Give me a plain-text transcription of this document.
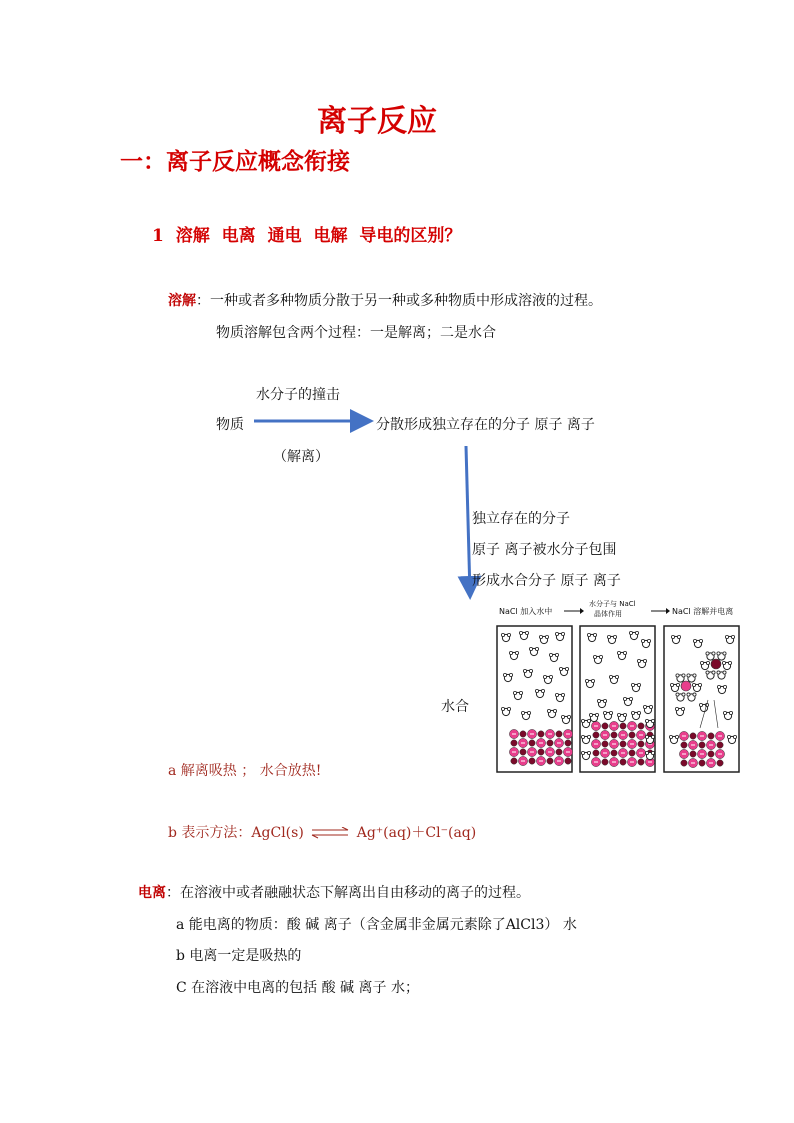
离子反应
一：离子反应概念衔接
1 溶解 电离 通电 电解 导电的区别？
溶解：一种或者多种物质分散于另一种或多种物质中形成溶液的过程。
物质溶解包含两个过程：一是解离；二是水合
水分子的撞击
物质	分散形成独立存在的分子 原子 离子
（解离）
独立存在的分子
原子 离子被水分子包围
形成水合分子 原子 离子
水合
NaCl 加入水中
水分子与 NaCl
晶体作用	NaCl 溶解并电离
a 解离吸热 ； 水合放热!
b 表示方法：AgCl(s) ⇌ Ag⁺(aq)＋Cl⁻(aq)
电离：在溶液中或者融融状态下解离出自由移动的离子的过程。
a 能电离的物质：酸 碱 离子（含金属非金属元素除了AlCl3） 水
b 电离一定是吸热的
C 在溶液中电离的包括 酸 碱 离子 水；
